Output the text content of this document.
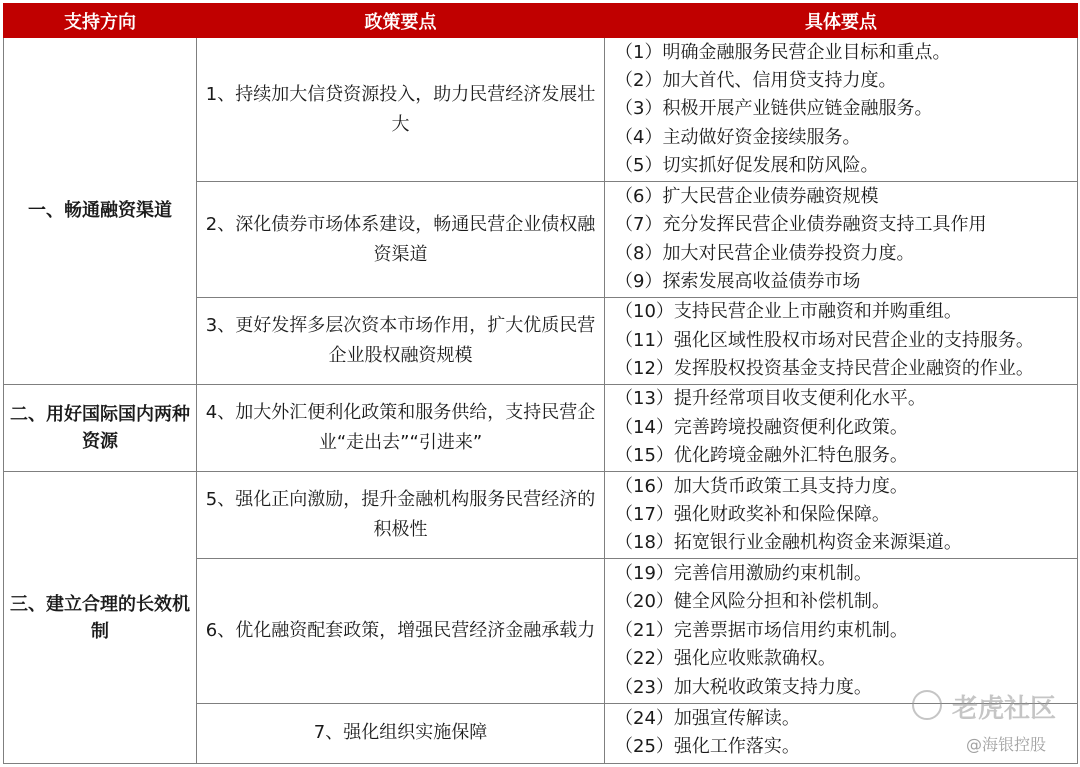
支持方向	政策要点	具体要点
一、畅通融资渠道	1、持续加大信贷资源投入，助力民营经济发展壮大	（1）明确金融服务民营企业目标和重点。
（2）加大首代、信用贷支持力度。
（3）积极开展产业链供应链金融服务。
（4）主动做好资金接续服务。
（5）切实抓好促发展和防风险。

	2、深化债券市场体系建设，畅通民营企业债权融资渠道	（6）扩大民营企业债券融资规模
（7）充分发挥民营企业债券融资支持工具作用
（8）加大对民营企业债券投资力度。
（9）探索发展高收益债券市场

	3、更好发挥多层次资本市场作用，扩大优质民营企业股权融资规模	（10）支持民营企业上市融资和并购重组。
（11）强化区域性股权市场对民营企业的支持服务。
（12）发挥股权投资基金支持民营企业融资的作业。

二、用好国际国内两种资源	4、加大外汇便利化政策和服务供给，支持民营企业“走出去”“引进来”	（13）提升经常项目收支便利化水平。
（14）完善跨境投融资便利化政策。
（15）优化跨境金融外汇特色服务。

三、建立合理的长效机制	5、强化正向激励，提升金融机构服务民营经济的积极性	（16）加大货币政策工具支持力度。
（17）强化财政奖补和保险保障。
（18）拓宽银行业金融机构资金来源渠道。

	6、优化融资配套政策，增强民营经济金融承载力	（19）完善信用激励约束机制。
（20）健全风险分担和补偿机制。
（21）完善票据市场信用约束机制。
（22）强化应收账款确权。
（23）加大税收政策支持力度。

	7、强化组织实施保障	（24）加强宣传解读。
（25）强化工作落实。
老虎社区
@海银控股
